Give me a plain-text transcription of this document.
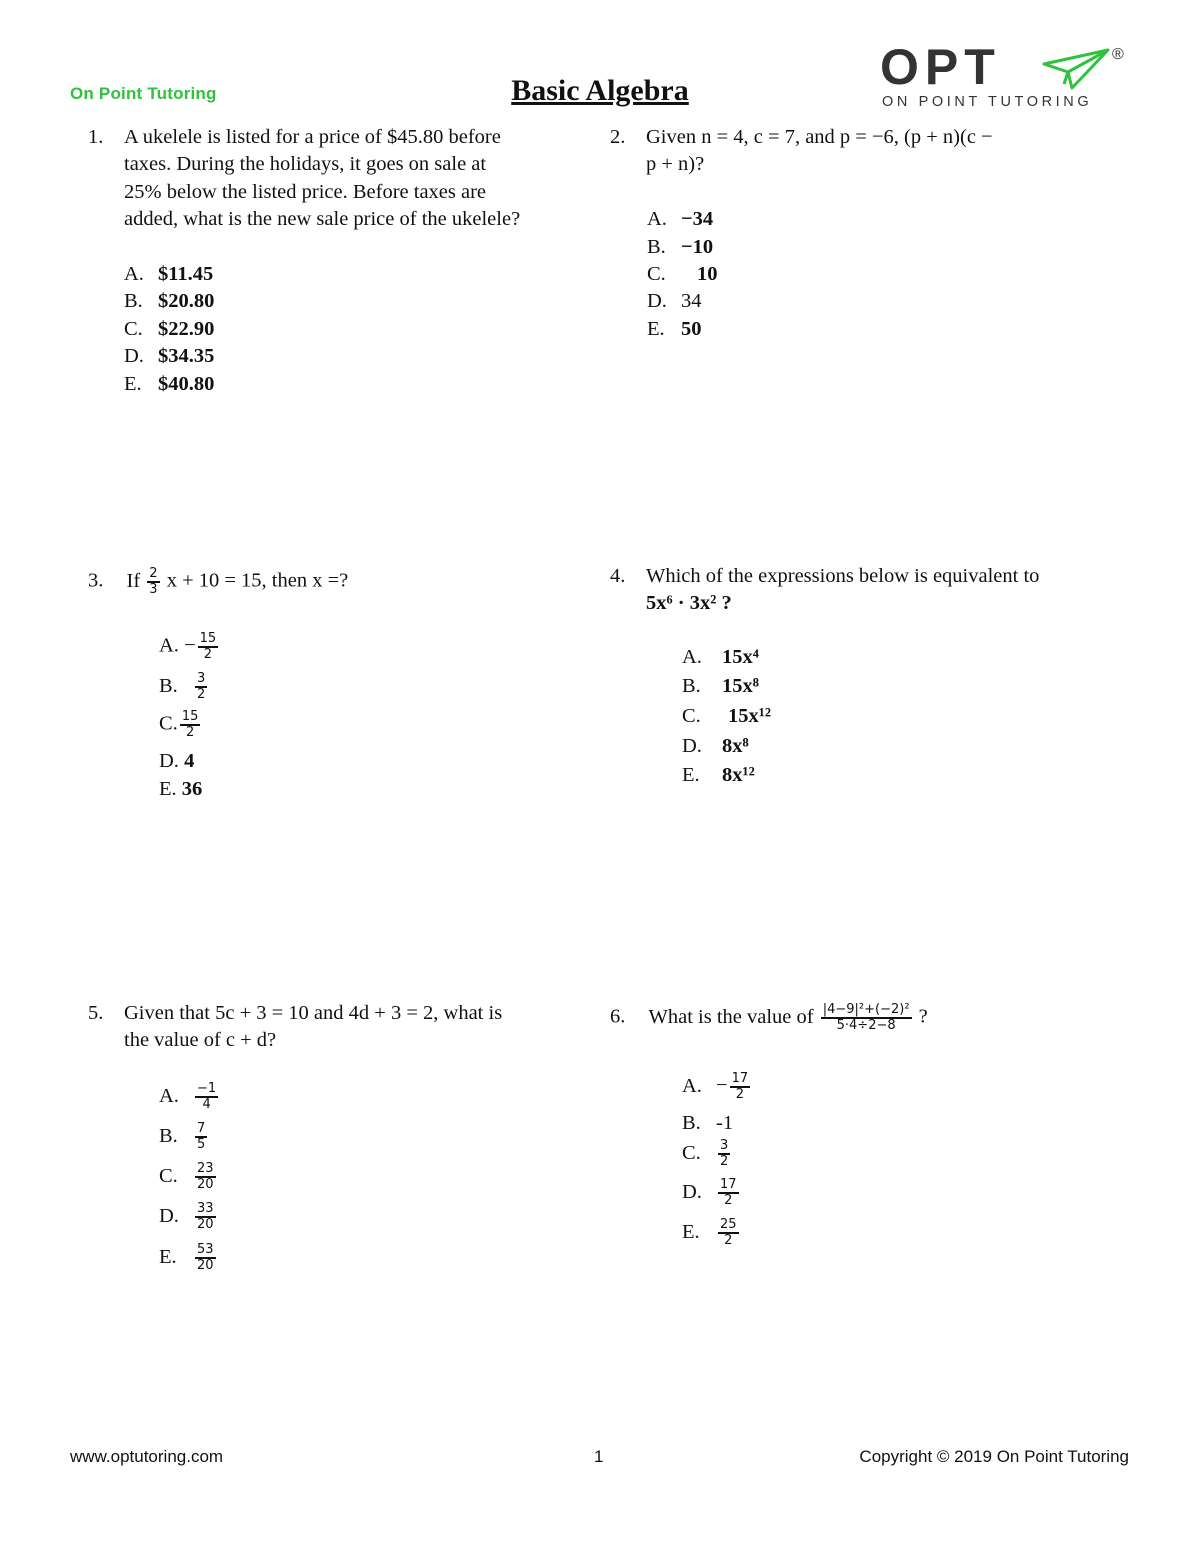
On Point Tutoring	Basic Algebra	OPT	®
ON POINT TUTORING
1. A ukelele is listed for a price of $45.80 before
taxes. During the holidays, it goes on sale at
25% below the listed price. Before taxes are
added, what is the new sale price of the ukelele?
A. $11.45
B. $20.80
C. $22.90
D. $34.35
E. $40.80
2. Given n = 4, c = 7, and p = −6, (p + n)(c −
p + n)?
A. −34
B. −10
C. 10
D. 34
E. 50
3. If $\frac{2}{3}$ x + 10 = 15, then x =?
A. − $\frac{15}{2}$
B. $\frac{3}{2}$
C. $\frac{15}{2}$
D. 4
E. 36
4. Which of the expressions below is equivalent to
5x⁶ · 3x² ?
A. 15x⁴
B. 15x⁸
C. 15x¹²
D. 8x⁸
E. 8x¹²
5. Given that 5c + 3 = 10 and 4d + 3 = 2, what is
the value of c + d?
A. $\frac{-1}{4}$
B. $\frac{7}{5}$
C. $\frac{23}{20}$
D. $\frac{33}{20}$
E. $\frac{53}{20}$
6. What is the value of $\frac{\text{|4−9|²+(−2)²}}{5\cdot 4\div 2-8}$ ?
A. − $\frac{17}{2}$
B. -1
C. $\frac{3}{2}$
D. $\frac{17}{2}$
E. $\frac{25}{2}$
www.optutoring.com	1	Copyright © 2019 On Point Tutoring
